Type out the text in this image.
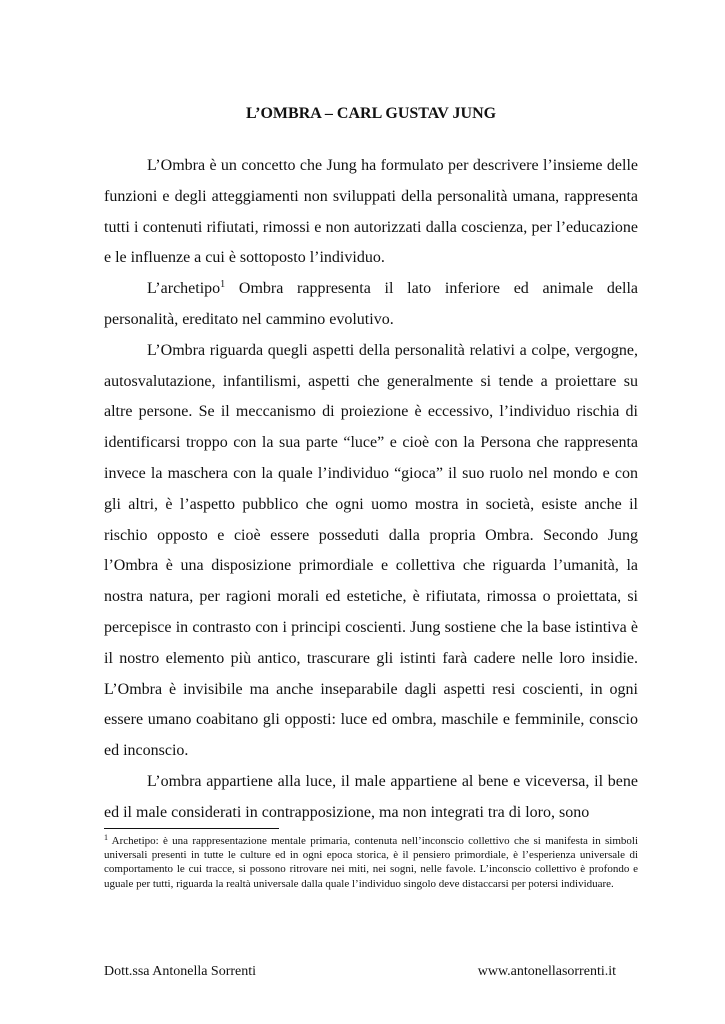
L’OMBRA – CARL GUSTAV JUNG

L’Ombra è un concetto che Jung ha formulato per descrivere l’insieme delle funzioni e degli atteggiamenti non sviluppati della personalità umana, rappresenta tutti i contenuti rifiutati, rimossi e non autorizzati dalla coscienza, per l’educazione e le influenze a cui è sottoposto l’individuo.

L’archetipo$^1$ Ombra rappresenta il lato inferiore ed animale della personalità, ereditato nel cammino evolutivo.

L’Ombra riguarda quegli aspetti della personalità relativi a colpe, vergogne, autosvalutazione, infantilismi, aspetti che generalmente si tende a proiettare su altre persone. Se il meccanismo di proiezione è eccessivo, l’individuo rischia di identificarsi troppo con la sua parte “luce” e cioè con la Persona che rappresenta invece la maschera con la quale l’individuo “gioca” il suo ruolo nel mondo e con gli altri, è l’aspetto pubblico che ogni uomo mostra in società, esiste anche il rischio opposto e cioè essere posseduti dalla propria Ombra. Secondo Jung l’Ombra è una disposizione primordiale e collettiva che riguarda l’umanità, la nostra natura, per ragioni morali ed estetiche, è rifiutata, rimossa o proiettata, si percepisce in contrasto con i principi coscienti. Jung sostiene che la base istintiva è il nostro elemento più antico, trascurare gli istinti farà cadere nelle loro insidie. L’Ombra è invisibile ma anche inseparabile dagli aspetti resi coscienti, in ogni essere umano coabitano gli opposti: luce ed ombra, maschile e femminile, conscio ed inconscio.

L’ombra appartiene alla luce, il male appartiene al bene e viceversa, il bene ed il male considerati in contrapposizione, ma non integrati tra di loro, sono

$^1$ Archetipo: è una rappresentazione mentale primaria, contenuta nell’inconscio collettivo che si manifesta in simboli universali presenti in tutte le culture ed in ogni epoca storica, è il pensiero primordiale, è l’esperienza universale di comportamento le cui tracce, si possono ritrovare nei miti, nei sogni, nelle favole. L’inconscio collettivo è profondo e uguale per tutti, riguarda la realtà universale dalla quale l’individuo singolo deve distaccarsi per potersi individuare.

Dott.ssa Antonella Sorrenti	www.antonellasorrenti.it
